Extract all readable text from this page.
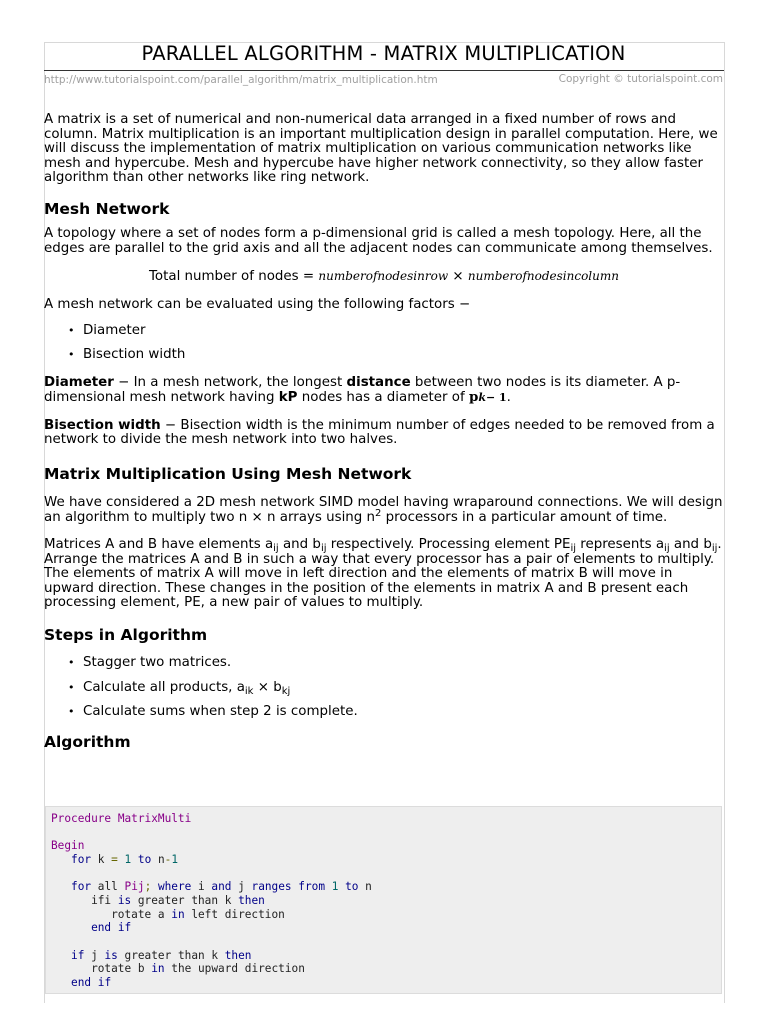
PARALLEL ALGORITHM - MATRIX MULTIPLICATION
http://www.tutorialspoint.com/parallel_algorithm/matrix_multiplication.htm	Copyright © tutorialspoint.com

A matrix is a set of numerical and non-numerical data arranged in a fixed number of rows and column. Matrix multiplication is an important multiplication design in parallel computation. Here, we will discuss the implementation of matrix multiplication on various communication networks like mesh and hypercube. Mesh and hypercube have higher network connectivity, so they allow faster algorithm than other networks like ring network.

Mesh Network

A topology where a set of nodes form a p-dimensional grid is called a mesh topology. Here, all the edges are parallel to the grid axis and all the adjacent nodes can communicate among themselves.

Total number of nodes = numberofnodesinrow × numberofnodesincolumn

A mesh network can be evaluated using the following factors −

• Diameter
• Bisection width

Diameter − In a mesh network, the longest distance between two nodes is its diameter. A p-dimensional mesh network having kP nodes has a diameter of pk− 1.

Bisection width − Bisection width is the minimum number of edges needed to be removed from a network to divide the mesh network into two halves.

Matrix Multiplication Using Mesh Network

We have considered a 2D mesh network SIMD model having wraparound connections. We will design an algorithm to multiply two n × n arrays using $n^2$ processors in a particular amount of time.

Matrices A and B have elements $a_{ij}$ and $b_{ij}$ respectively. Processing element $PE_{ij}$ represents $a_{ij}$ and $b_{ij}$. Arrange the matrices A and B in such a way that every processor has a pair of elements to multiply. The elements of matrix A will move in left direction and the elements of matrix B will move in upward direction. These changes in the position of the elements in matrix A and B present each processing element, PE, a new pair of values to multiply.

Steps in Algorithm
• Stagger two matrices.
• Calculate all products, $a_{ik} \times b_{kj}$
• Calculate sums when step 2 is complete.
Algorithm
Procedure MatrixMulti

Begin
for k = 1 to n-1

for all Pij; where i and j ranges from 1 to n
ifi is greater than k then
rotate a in left direction
end if

if j is greater than k then
rotate b in the upward direction
end if
